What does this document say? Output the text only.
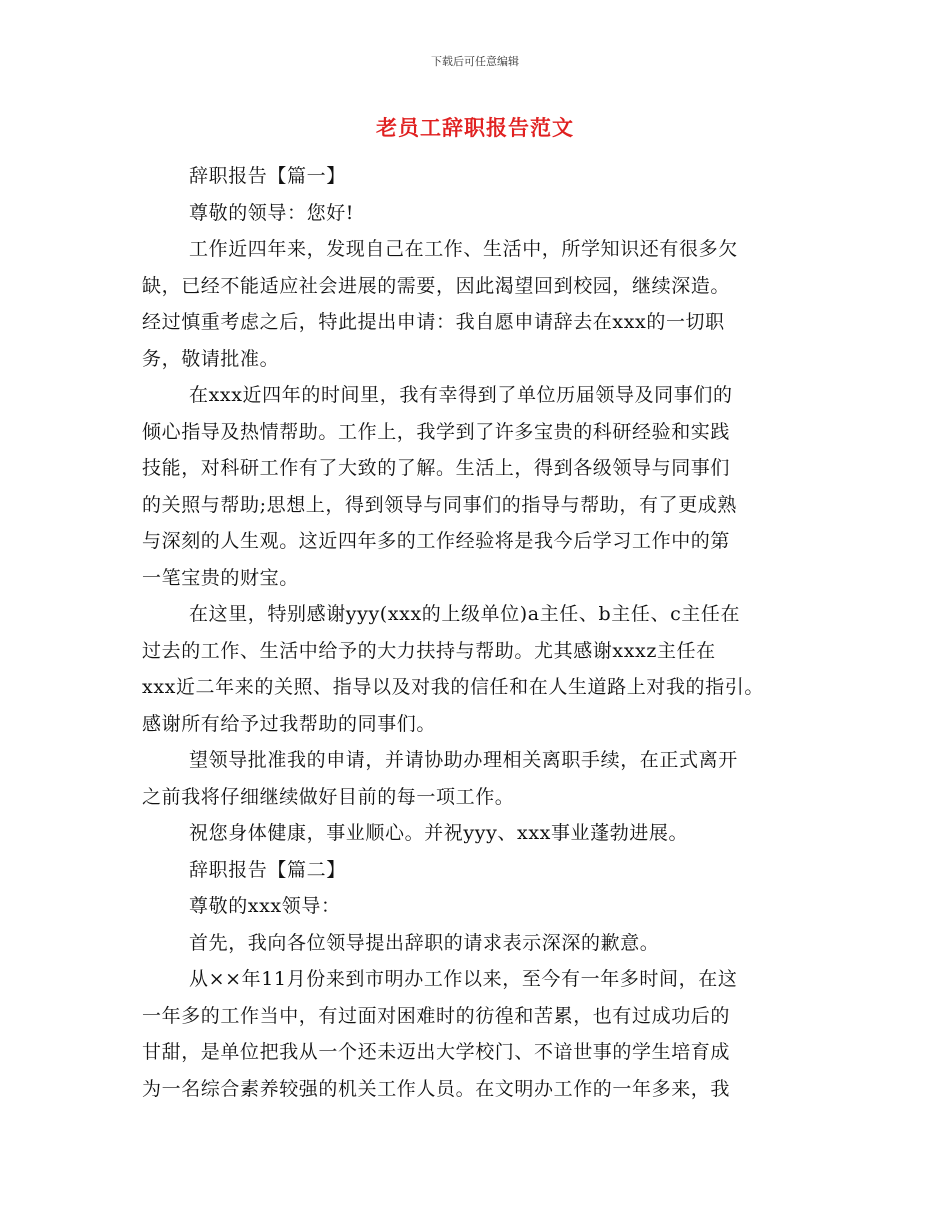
下载后可任意编辑
老员工辞职报告范文
辞职报告【篇一】
尊敬的领导：您好!
工作近四年来，发现自己在工作、生活中，所学知识还有很多欠
缺，已经不能适应社会进展的需要，因此渴望回到校园，继续深造。
经过慎重考虑之后，特此提出申请：我自愿申请辞去在xxx的一切职
务，敬请批准。
在xxx近四年的时间里，我有幸得到了单位历届领导及同事们的
倾心指导及热情帮助。工作上，我学到了许多宝贵的科研经验和实践
技能，对科研工作有了大致的了解。生活上，得到各级领导与同事们
的关照与帮助;思想上，得到领导与同事们的指导与帮助，有了更成熟
与深刻的人生观。这近四年多的工作经验将是我今后学习工作中的第
一笔宝贵的财宝。
在这里，特别感谢yyy(xxx的上级单位)a主任、b主任、c主任在
过去的工作、生活中给予的大力扶持与帮助。尤其感谢xxxz主任在
xxx近二年来的关照、指导以及对我的信任和在人生道路上对我的指引。
感谢所有给予过我帮助的同事们。
望领导批准我的申请，并请协助办理相关离职手续，在正式离开
之前我将仔细继续做好目前的每一项工作。
祝您身体健康，事业顺心。并祝yyy、xxx事业蓬勃进展。
辞职报告【篇二】
尊敬的xxx领导：
首先，我向各位领导提出辞职的请求表示深深的歉意。
从××年11月份来到市明办工作以来，至今有一年多时间，在这
一年多的工作当中，有过面对困难时的彷徨和苦累，也有过成功后的
甘甜，是单位把我从一个还未迈出大学校门、不谙世事的学生培育成
为一名综合素养较强的机关工作人员。在文明办工作的一年多来，我
